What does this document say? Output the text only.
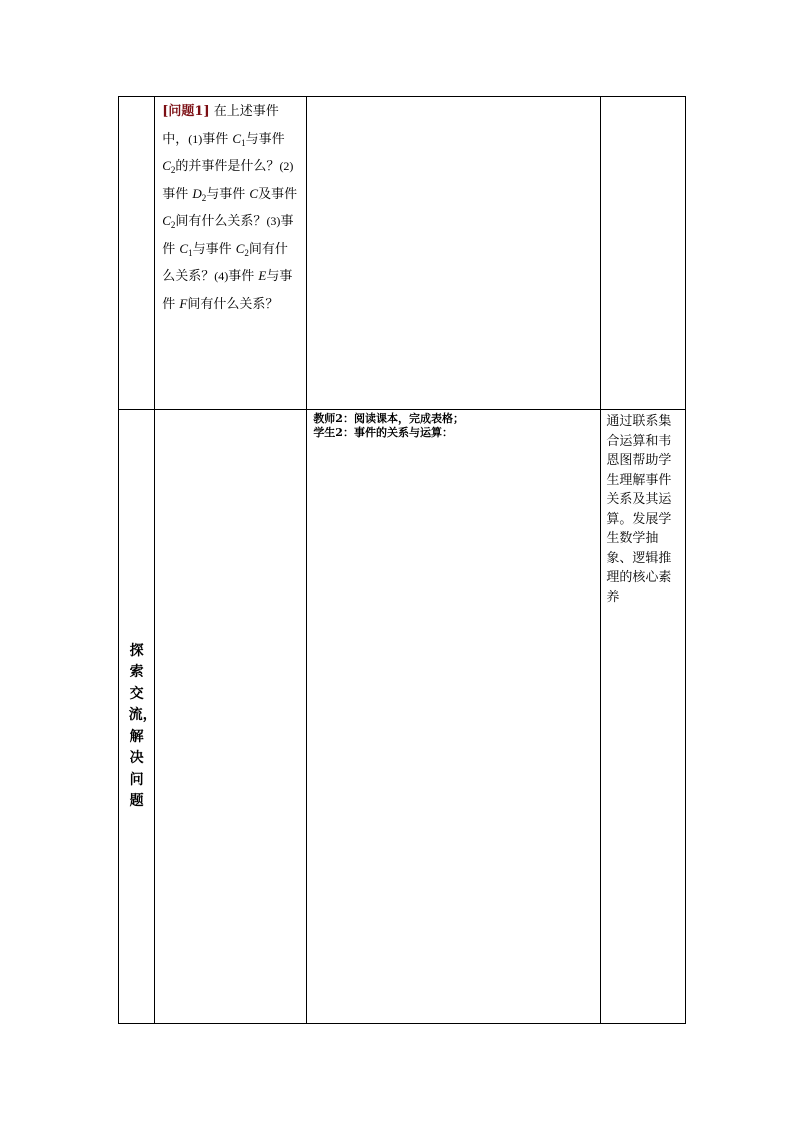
	[问题1] 在上述事件中，(1)事件 $C_1$与事件 $C_2$的并事件是什么？(2)事件 $D_2$与事件 C及事件 $C_2$间有什么关系？(3)事件 $C_1$与事件 $C_2$间有什么关系？(4)事件 E与事件 F间有什么关系？		
探索交流，解决问题		教师2：阅读课本，完成表格；
学生2：事件的关系与运算：	通过联系集合运算和韦恩图帮助学生理解事件关系及其运算。发展学生数学抽象、逻辑推理的核心素养
